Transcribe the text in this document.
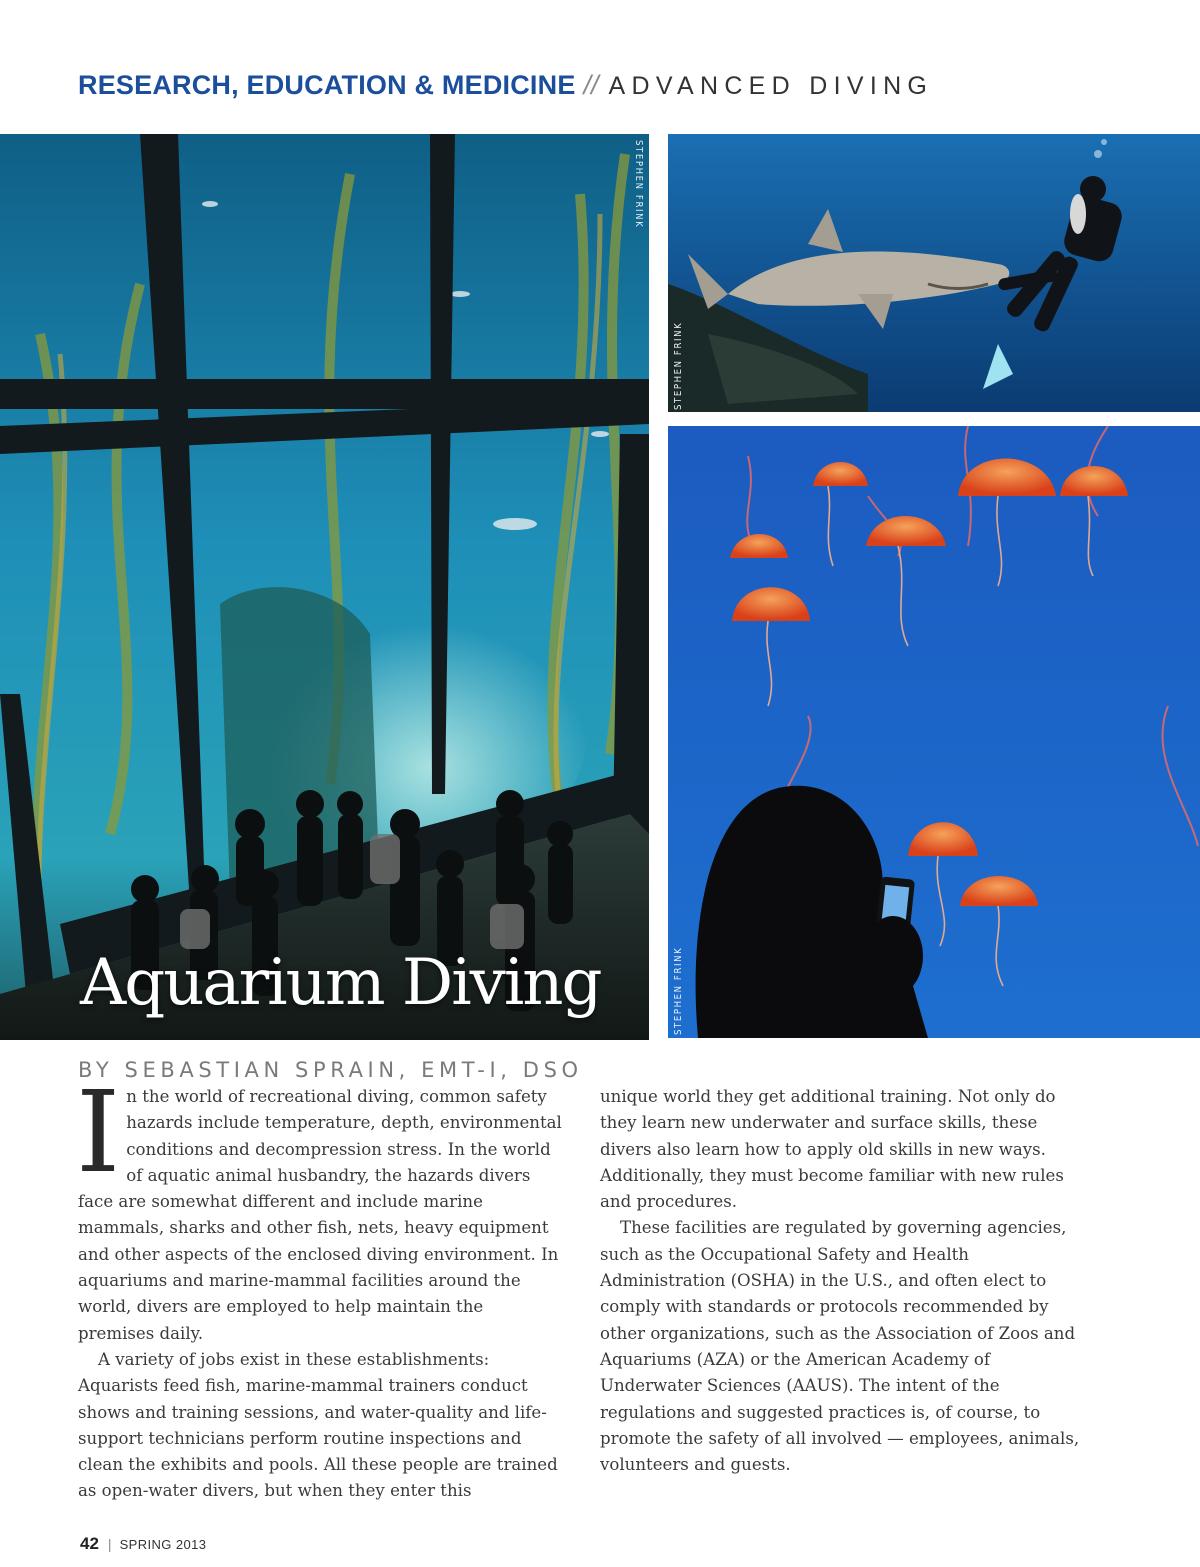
RESEARCH, EDUCATION & MEDICINE // ADVANCED DIVING
STEPHEN FRINK
Aquarium Diving
STEPHEN FRINK
STEPHEN FRINK
BY SEBASTIAN SPRAIN, EMT-I, DSO

In the world of recreational diving, common safety hazards include temperature, depth, environmental conditions and decompression stress. In the world of aquatic animal husbandry, the hazards divers face are somewhat different and include marine mammals, sharks and other fish, nets, heavy equipment and other aspects of the enclosed diving environment. In aquariums and marine-mammal facilities around the world, divers are employed to help maintain the premises daily.

A variety of jobs exist in these establishments: Aquarists feed fish, marine-mammal trainers conduct shows and training sessions, and water-quality and life-support technicians perform routine inspections and clean the exhibits and pools. All these people are trained as open-water divers, but when they enter this

unique world they get additional training. Not only do they learn new underwater and surface skills, these divers also learn how to apply old skills in new ways. Additionally, they must become familiar with new rules and procedures.

These facilities are regulated by governing agencies, such as the Occupational Safety and Health Administration (OSHA) in the U.S., and often elect to comply with standards or protocols recommended by other organizations, such as the Association of Zoos and Aquariums (AZA) or the American Academy of Underwater Sciences (AAUS). The intent of the regulations and suggested practices is, of course, to promote the safety of all involved — employees, animals, volunteers and guests.

42 | SPRING 2013
